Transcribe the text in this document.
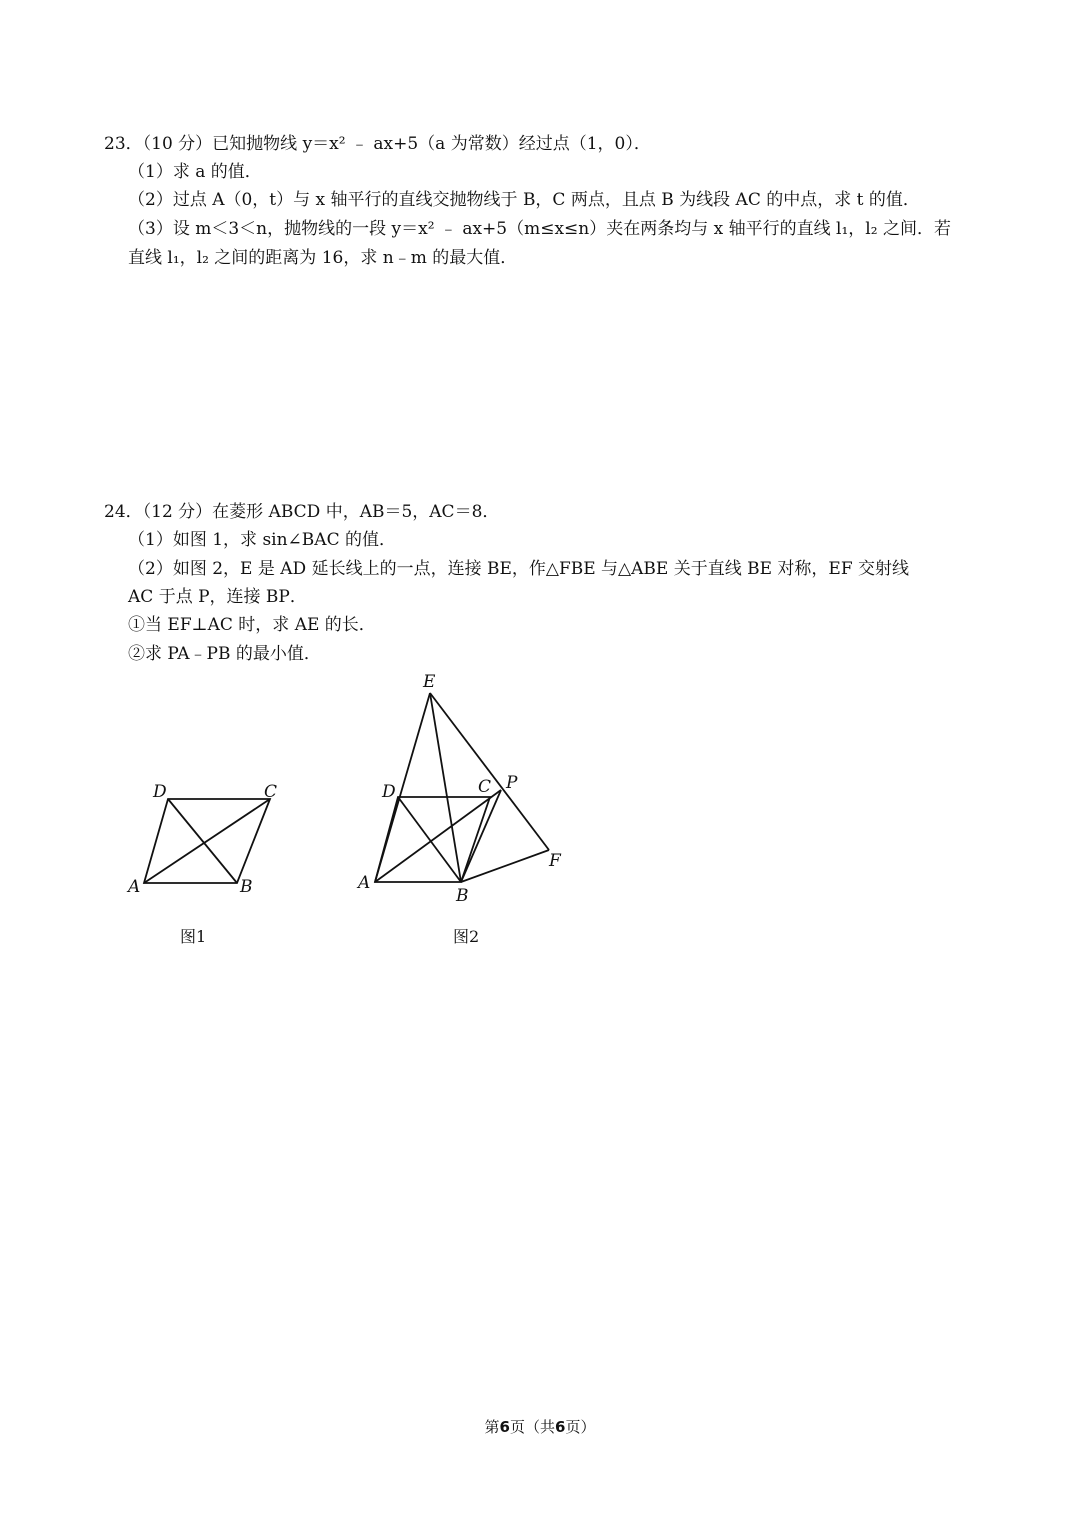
23．（10 分）已知抛物线 y＝x² ﹣ ax+5（a 为常数）经过点（1，0）．
（1）求 a 的值．
（2）过点 A（0，t）与 x 轴平行的直线交抛物线于 B，C 两点，且点 B 为线段 AC 的中点，求 t 的值．
（3）设 m＜3＜n，抛物线的一段 y＝x² ﹣ ax+5（m≤x≤n）夹在两条均与 x 轴平行的直线 l₁，l₂ 之间．若
直线 l₁，l₂ 之间的距离为 16，求 n﹣m 的最大值．
24．（12 分）在菱形 ABCD 中，AB＝5，AC＝8．
（1）如图 1，求 sin∠BAC 的值．
（2）如图 2，E 是 AD 延长线上的一点，连接 BE，作△FBE 与△ABE 关于直线 BE 对称，EF 交射线
AC 于点 P，连接 BP．
①当 EF⊥AC 时，求 AE 的长．
②求 PA﹣PB 的最小值．
A	B
C
D
图1
A
B
C
D
E
F
P
图2
第6页（共6页）
